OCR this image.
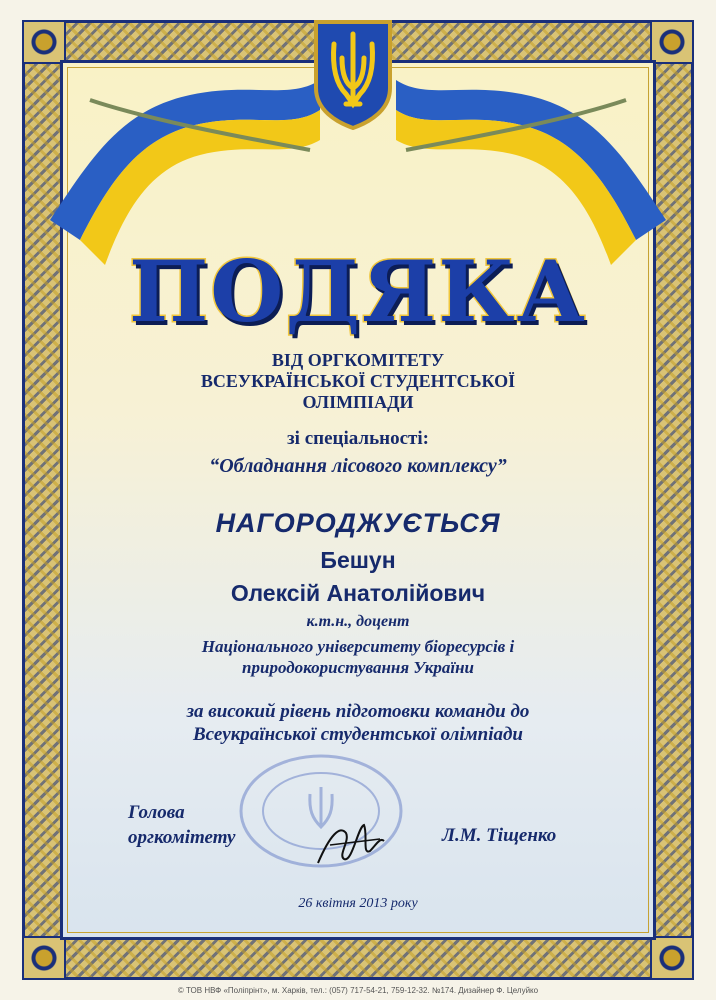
ПОДЯКА
ВІД ОРГКОМІТЕТУ
ВСЕУКРАЇНСЬКОЇ СТУДЕНТСЬКОЇ
ОЛІМПІАДИ
зі спеціальності:
“Обладнання лісового комплексу”
НАГОРОДЖУЄТЬСЯ
Бешун
Олексій Анатолійович
к.т.н., доцент
Національного університету біоресурсів і
природокористування України
за високий рівень підготовки команди до
Всеукраїнської студентської олімпіади
Голова
оргкомітету	Л.М. Тіщенко
26 квітня 2013 року
© ТОВ НВФ «Поліпрінт», м. Харків, тел.: (057) 717-54-21, 759-12-32. №174. Дизайнер Ф. Целуйко
